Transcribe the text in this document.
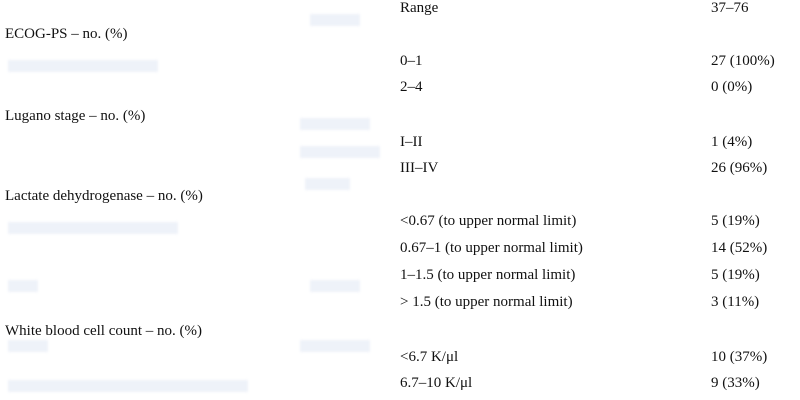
Range	37–76
ECOG-PS – no. (%)
0–1	27 (100%)
2–4	0 (0%)
Lugano stage – no. (%)
I–II	1 (4%)
III–IV	26 (96%)
Lactate dehydrogenase – no. (%)
<0.67 (to upper normal limit)	5 (19%)
0.67–1 (to upper normal limit)	14 (52%)
1–1.5 (to upper normal limit)	5 (19%)
> 1.5 (to upper normal limit)	3 (11%)
White blood cell count – no. (%)
<6.7 K/μl	10 (37%)
6.7–10 K/μl	9 (33%)
